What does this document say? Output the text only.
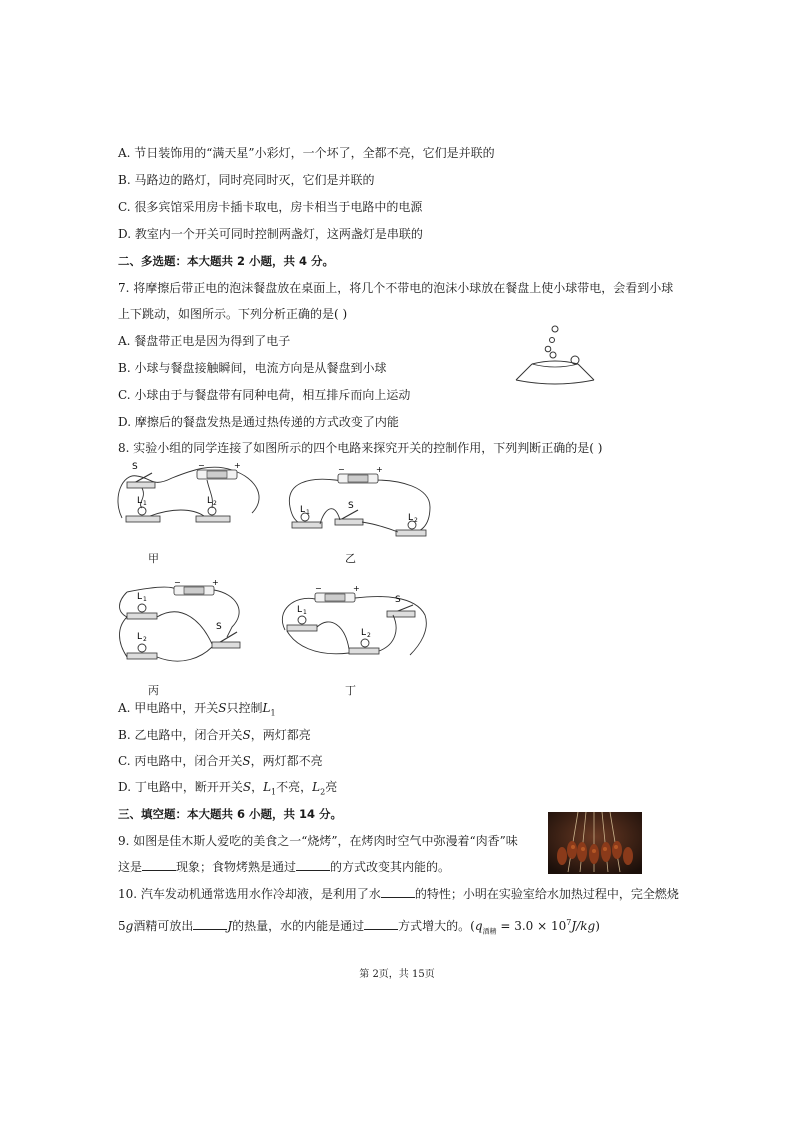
A. 节日装饰用的“满天星”小彩灯，一个坏了，全都不亮，它们是并联的
B. 马路边的路灯，同时亮同时灭，它们是并联的
C. 很多宾馆采用房卡插卡取电，房卡相当于电路中的电源
D. 教室内一个开关可同时控制两盏灯，这两盏灯是串联的
二、多选题：本大题共 2 小题，共 4 分。
7. 将摩擦后带正电的泡沫餐盘放在桌面上，将几个不带电的泡沫小球放在餐盘上使小球带电，会看到小球
上下跳动，如图所示。下列分析正确的是( )
A. 餐盘带正电是因为得到了电子
B. 小球与餐盘接触瞬间，电流方向是从餐盘到小球
C. 小球由于与餐盘带有同种电荷，相互排斥而向上运动
D. 摩擦后的餐盘发热是通过热传递的方式改变了内能
8. 实验小组的同学连接了如图所示的四个电路来探究开关的控制作用，下列判断正确的是( )
S
L 1	L 2
−	+
甲
L 1
S
L 2
−	+
乙
L 1
L 2
S
−	+
丙
L 1
L 2
S
−	+
丁
A. 甲电路中，开关S只控制$L_1$
B. 乙电路中，闭合开关S，两灯都亮
C. 丙电路中，闭合开关S，两灯都不亮
D. 丁电路中，断开开关S，$L_1$不亮，$L_2$亮
三、填空题：本大题共 6 小题，共 14 分。
9. 如图是佳木斯人爱吃的美食之一“烧烤”，在烤肉时空气中弥漫着“肉香”味
这是	现象；食物烤熟是通过	的方式改变其内能的。
10. 汽车发动机通常选用水作冷却液，是利用了水	的特性；小明在实验室给水加热过程中，完全燃烧
5g酒精可放出	J的热量，水的内能是通过	方式增大的。$(q_{酒精} = 3.0 \times 10^7J/kg)$
第 2页，共 15页
